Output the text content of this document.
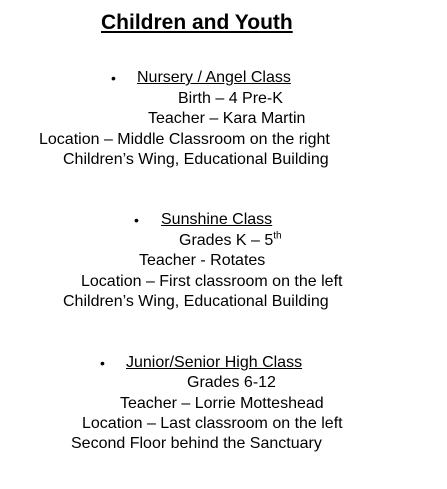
Children and Youth
• Nursery / Angel Class
Birth – 4 Pre-K
Teacher – Kara Martin
Location – Middle Classroom on the right
Children’s Wing, Educational Building
• Sunshine Class
Grades K – 5th
Teacher - Rotates
Location – First classroom on the left
Children’s Wing, Educational Building
• Junior/Senior High Class
Grades 6-12
Teacher – Lorrie Motteshead
Location – Last classroom on the left
Second Floor behind the Sanctuary
